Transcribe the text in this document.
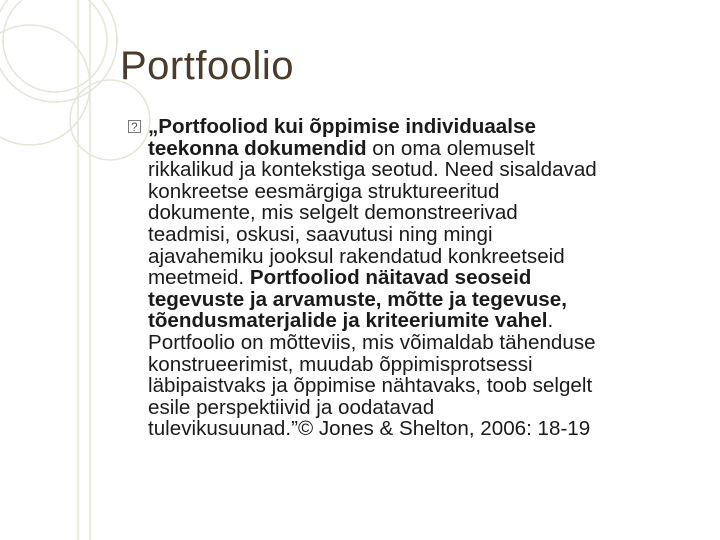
Portfoolio
?
„Portfooliod kui õppimise individuaalse
teekonna dokumendid on oma olemuselt
rikkalikud ja kontekstiga seotud. Need sisaldavad
konkreetse eesmärgiga struktureeritud
dokumente, mis selgelt demonstreerivad
teadmisi, oskusi, saavutusi ning mingi
ajavahemiku jooksul rakendatud konkreetseid
meetmeid. Portfooliod näitavad seoseid
tegevuste ja arvamuste, mõtte ja tegevuse,
tõendusmaterjalide ja kriteeriumite vahel.
Portfoolio on mõtteviis, mis võimaldab tähenduse
konstrueerimist, muudab õppimisprotsessi
läbipaistvaks ja õppimise nähtavaks, toob selgelt
esile perspektiivid ja oodatavad
tulevikusuunad.”© Jones & Shelton, 2006: 18-19
